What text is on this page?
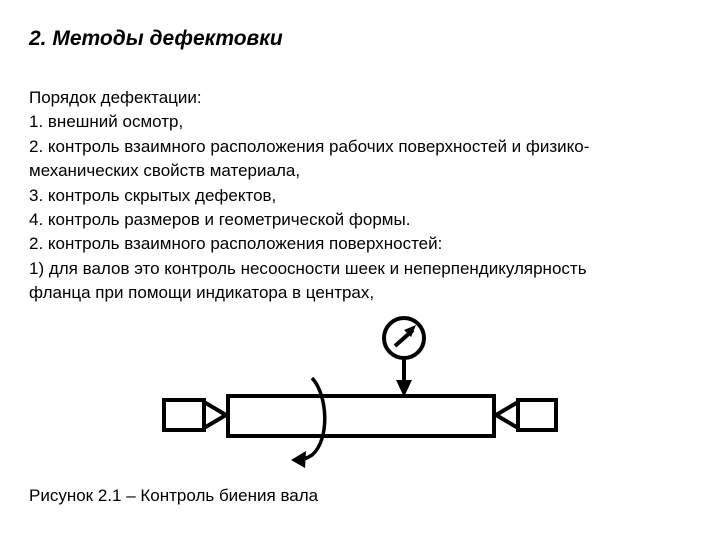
2. Методы дефектовки
Порядок дефектации:
1. внешний осмотр,
2. контроль взаимного расположения рабочих поверхностей и физико-
механических свойств материала,
3. контроль скрытых дефектов,
4. контроль размеров и геометрической формы.
2. контроль взаимного расположения поверхностей:
1) для валов это контроль несоосности шеек и неперпендикулярность
фланца при помощи индикатора в центрах,
Рисунок 2.1 – Контроль биения вала
